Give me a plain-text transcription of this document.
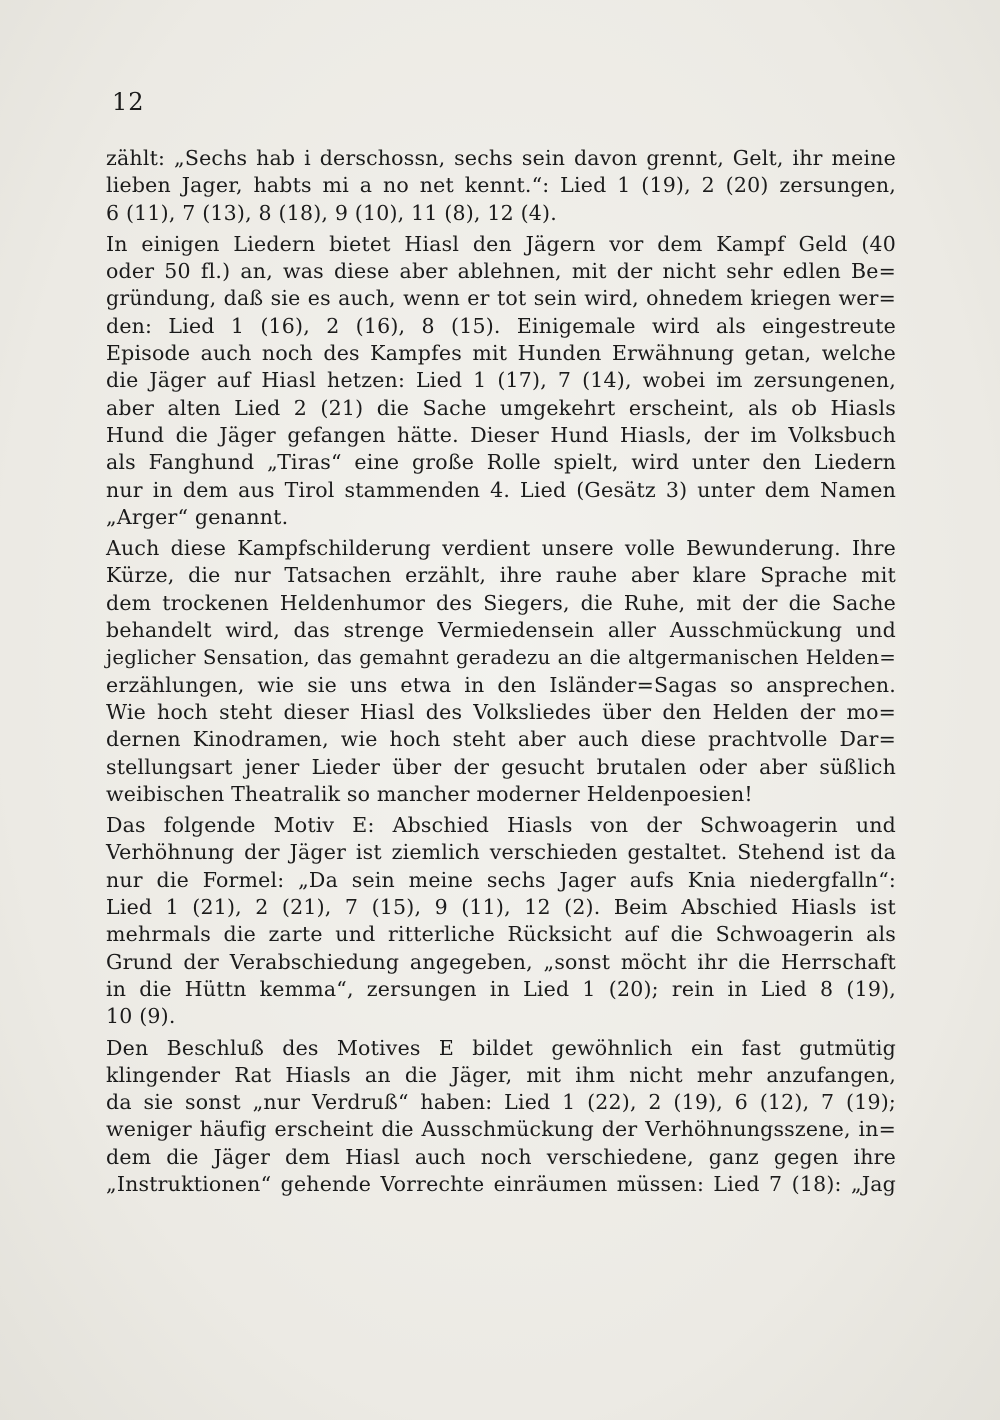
12
zählt: „Sechs hab i derschossn, sechs sein davon grennt, Gelt, ihr meine
lieben Jager, habts mi a no net kennt.“: Lied 1 (19), 2 (20) zersungen,
6 (11), 7 (13), 8 (18), 9 (10), 11 (8), 12 (4).
In einigen Liedern bietet Hiasl den Jägern vor dem Kampf Geld (40
oder 50 fl.) an, was diese aber ablehnen, mit der nicht sehr edlen Be=
gründung, daß sie es auch, wenn er tot sein wird, ohnedem kriegen wer=
den: Lied 1 (16), 2 (16), 8 (15). Einigemale wird als eingestreute
Episode auch noch des Kampfes mit Hunden Erwähnung getan, welche
die Jäger auf Hiasl hetzen: Lied 1 (17), 7 (14), wobei im zersungenen,
aber alten Lied 2 (21) die Sache umgekehrt erscheint, als ob Hiasls
Hund die Jäger gefangen hätte. Dieser Hund Hiasls, der im Volksbuch
als Fanghund „Tiras“ eine große Rolle spielt, wird unter den Liedern
nur in dem aus Tirol stammenden 4. Lied (Gesätz 3) unter dem Namen
„Arger“ genannt.
Auch diese Kampfschilderung verdient unsere volle Bewunderung. Ihre
Kürze, die nur Tatsachen erzählt, ihre rauhe aber klare Sprache mit
dem trockenen Heldenhumor des Siegers, die Ruhe, mit der die Sache
behandelt wird, das strenge Vermiedensein aller Ausschmückung und
jeglicher Sensation, das gemahnt geradezu an die altgermanischen Helden=
erzählungen, wie sie uns etwa in den Isländer=Sagas so ansprechen.
Wie hoch steht dieser Hiasl des Volksliedes über den Helden der mo=
dernen Kinodramen, wie hoch steht aber auch diese prachtvolle Dar=
stellungsart jener Lieder über der gesucht brutalen oder aber süßlich
weibischen Theatralik so mancher moderner Heldenpoesien!
Das folgende Motiv E: Abschied Hiasls von der Schwoagerin und
Verhöhnung der Jäger ist ziemlich verschieden gestaltet. Stehend ist da
nur die Formel: „Da sein meine sechs Jager aufs Knia niedergfalln“:
Lied 1 (21), 2 (21), 7 (15), 9 (11), 12 (2). Beim Abschied Hiasls ist
mehrmals die zarte und ritterliche Rücksicht auf die Schwoagerin als
Grund der Verabschiedung angegeben, „sonst möcht ihr die Herrschaft
in die Hüttn kemma“, zersungen in Lied 1 (20); rein in Lied 8 (19),
10 (9).
Den Beschluß des Motives E bildet gewöhnlich ein fast gutmütig
klingender Rat Hiasls an die Jäger, mit ihm nicht mehr anzufangen,
da sie sonst „nur Verdruß“ haben: Lied 1 (22), 2 (19), 6 (12), 7 (19);
weniger häufig erscheint die Ausschmückung der Verhöhnungsszene, in=
dem die Jäger dem Hiasl auch noch verschiedene, ganz gegen ihre
„Instruktionen“ gehende Vorrechte einräumen müssen: Lied 7 (18): „Jag
